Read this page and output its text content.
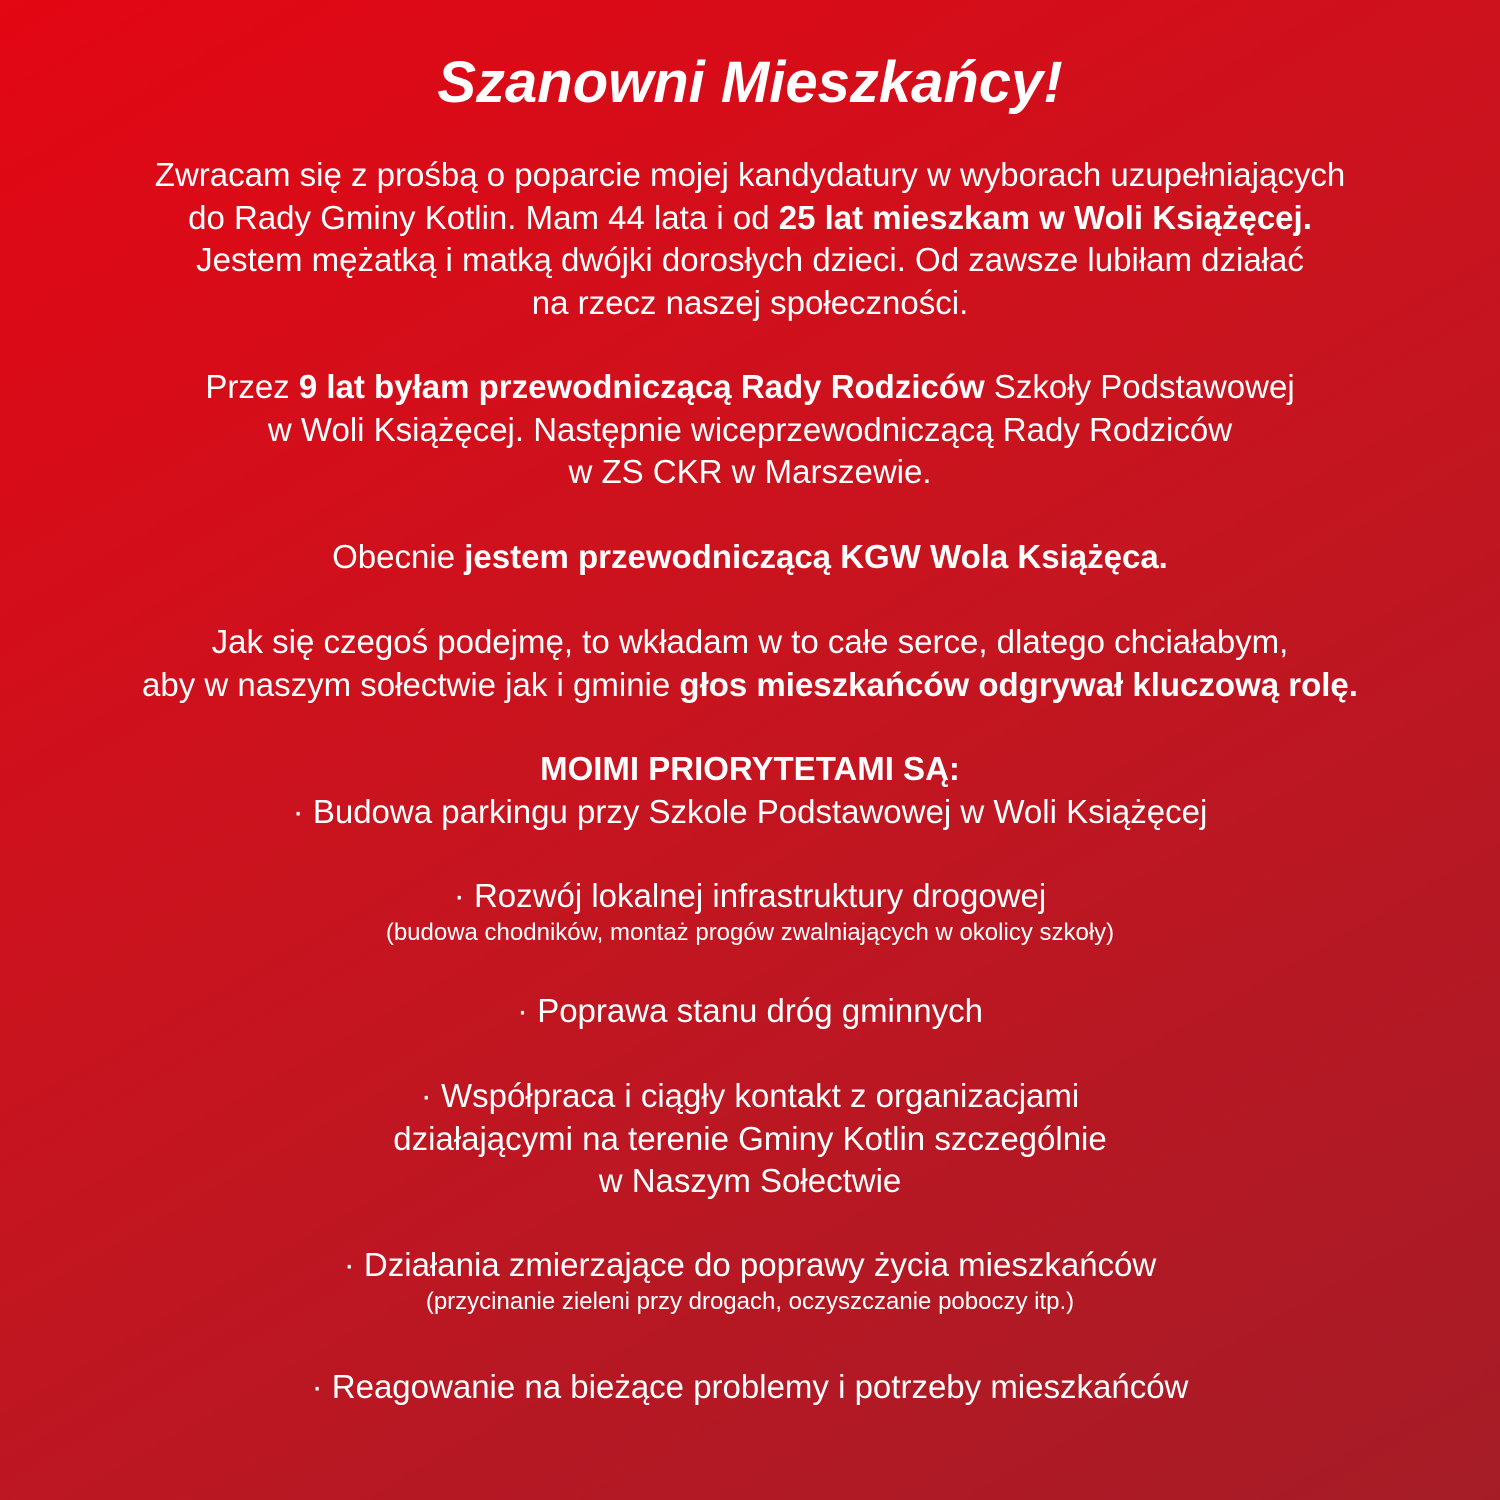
Szanowni Mieszkańcy!
Zwracam się z prośbą o poparcie mojej kandydatury w wyborach uzupełniających
do Rady Gminy Kotlin. Mam 44 lata i od 25 lat mieszkam w Woli Książęcej.
Jestem mężatką i matką dwójki dorosłych dzieci. Od zawsze lubiłam działać
na rzecz naszej społeczności.
Przez 9 lat byłam przewodniczącą Rady Rodziców Szkoły Podstawowej
w Woli Książęcej. Następnie wiceprzewodniczącą Rady Rodziców
w ZS CKR w Marszewie.
Obecnie jestem przewodniczącą KGW Wola Książęca.
Jak się czegoś podejmę, to wkładam w to całe serce, dlatego chciałabym,
aby w naszym sołectwie jak i gminie głos mieszkańców odgrywał kluczową rolę.
MOIMI PRIORYTETAMI SĄ:
· Budowa parkingu przy Szkole Podstawowej w Woli Książęcej
· Rozwój lokalnej infrastruktury drogowej
(budowa chodników, montaż progów zwalniających w okolicy szkoły)
· Poprawa stanu dróg gminnych
· Współpraca i ciągły kontakt z organizacjami
działającymi na terenie Gminy Kotlin szczególnie
w Naszym Sołectwie
· Działania zmierzające do poprawy życia mieszkańców
(przycinanie zieleni przy drogach, oczyszczanie poboczy itp.)
· Reagowanie na bieżące problemy i potrzeby mieszkańców
